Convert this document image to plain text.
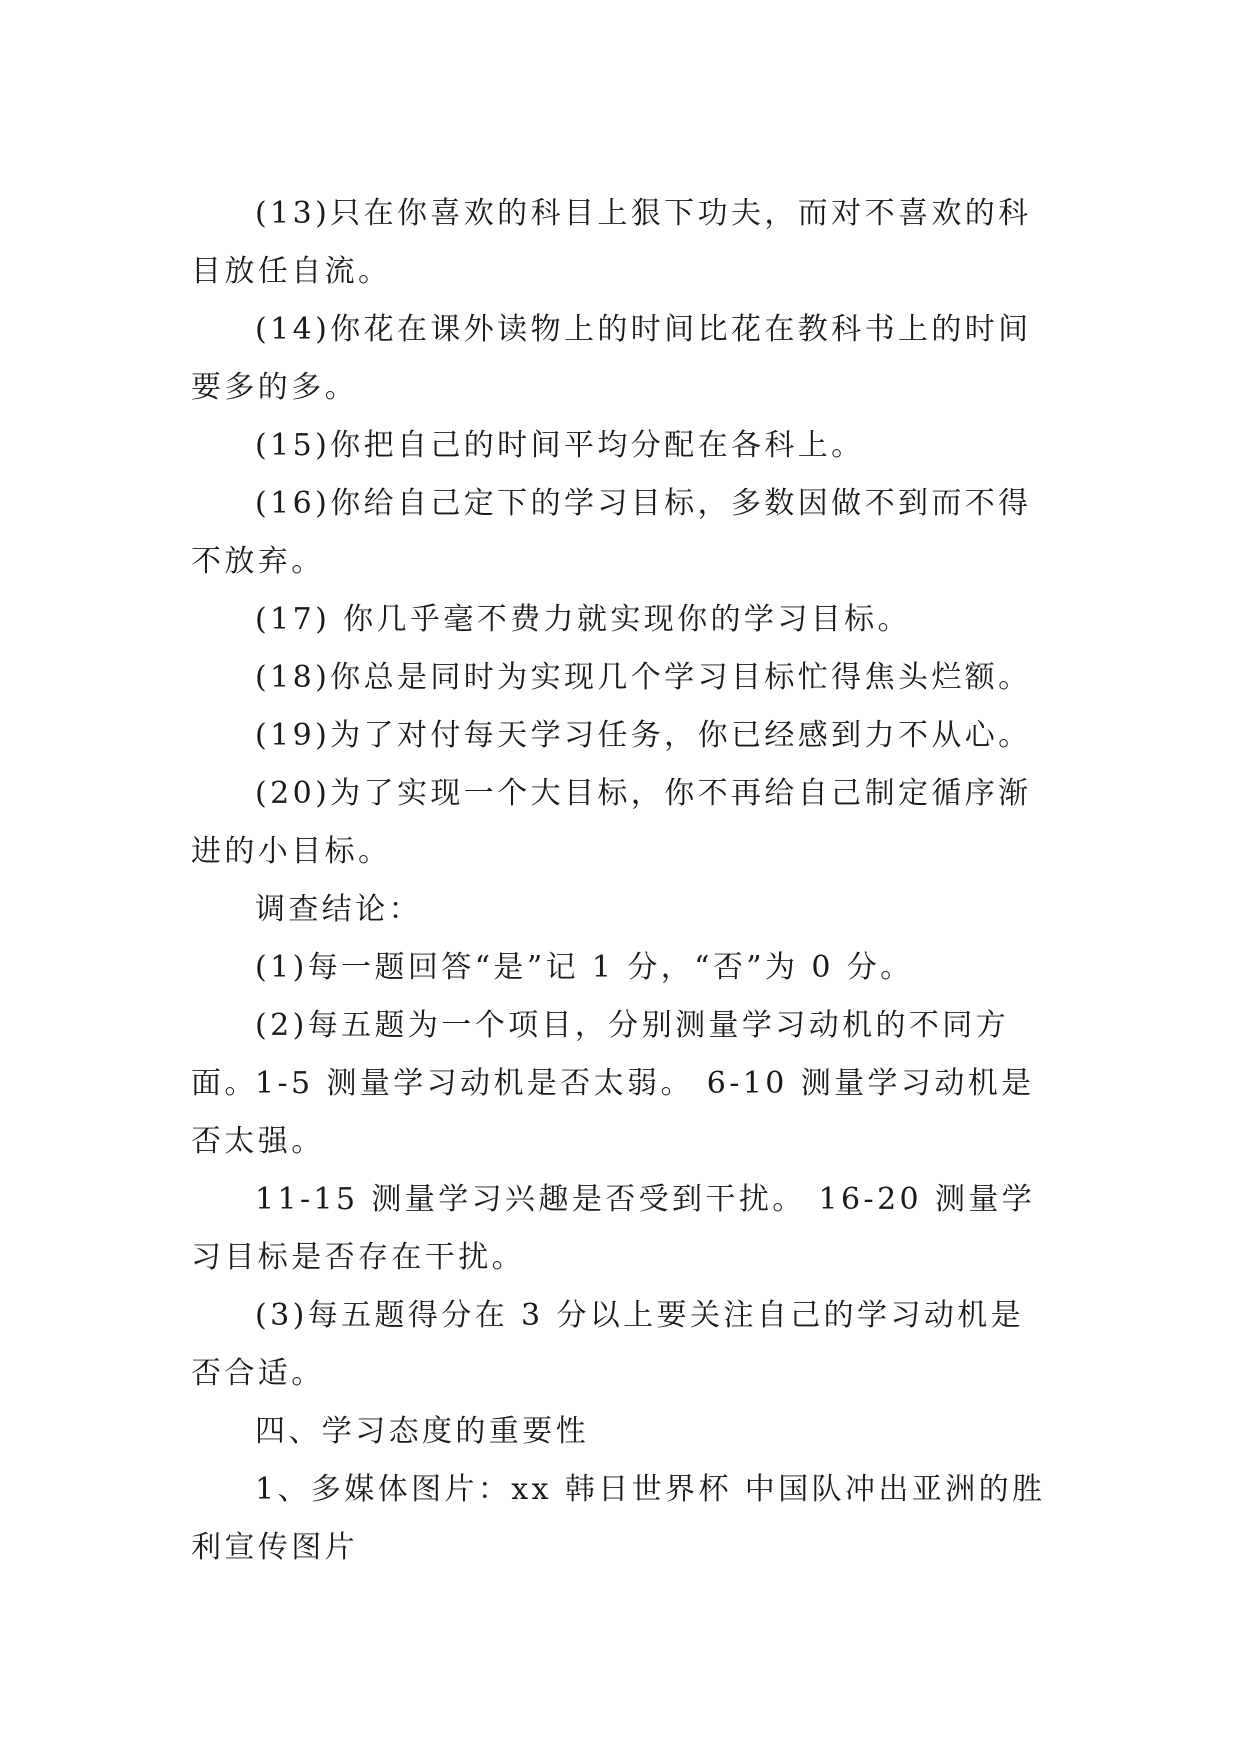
(13)只在你喜欢的科目上狠下功夫，而对不喜欢的科目放任自流。

(14)你花在课外读物上的时间比花在教科书上的时间要多的多。

(15)你把自己的时间平均分配在各科上。

(16)你给自己定下的学习目标，多数因做不到而不得不放弃。

(17) 你几乎毫不费力就实现你的学习目标。

(18)你总是同时为实现几个学习目标忙得焦头烂额。

(19)为了对付每天学习任务，你已经感到力不从心。

(20)为了实现一个大目标，你不再给自己制定循序渐进的小目标。

调查结论：

(1)每一题回答“是”记 1 分，“否”为 0 分。

(2)每五题为一个项目，分别测量学习动机的不同方面。

1-5 测量学习动机是否太弱。 6-10 测量学习动机是否太强。

11-15 测量学习兴趣是否受到干扰。 16-20 测量学习目标是否存在干扰。

(3)每五题得分在 3 分以上要关注自己的学习动机是否合适。

四、学习态度的重要性

1、多媒体图片：xx 韩日世界杯 中国队冲出亚洲的胜利宣传图片
